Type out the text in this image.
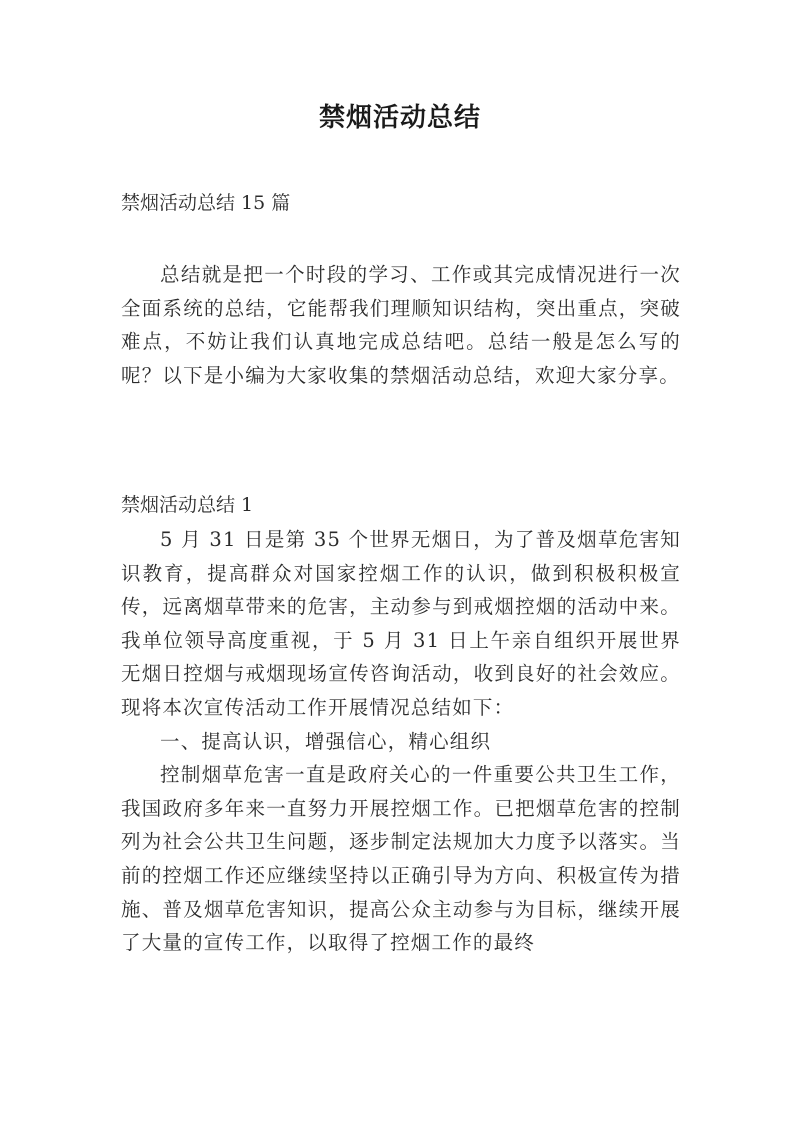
禁烟活动总结
禁烟活动总结 15 篇

总结就是把一个时段的学习、工作或其完成情况进行一次全面系统的总结，它能帮我们理顺知识结构，突出重点，突破难点，不妨让我们认真地完成总结吧。总结一般是怎么写的呢？以下是小编为大家收集的禁烟活动总结，欢迎大家分享。

禁烟活动总结 1

5 月 31 日是第 35 个世界无烟日，为了普及烟草危害知识教育，提高群众对国家控烟工作的认识，做到积极积极宣传，远离烟草带来的危害，主动参与到戒烟控烟的活动中来。我单位领导高度重视，于 5 月 31 日上午亲自组织开展世界无烟日控烟与戒烟现场宣传咨询活动，收到良好的社会效应。现将本次宣传活动工作开展情况总结如下：

一、提高认识，增强信心，精心组织

控制烟草危害一直是政府关心的一件重要公共卫生工作，我国政府多年来一直努力开展控烟工作。已把烟草危害的控制列为社会公共卫生问题，逐步制定法规加大力度予以落实。当前的控烟工作还应继续坚持以正确引导为方向、积极宣传为措施、普及烟草危害知识，提高公众主动参与为目标，继续开展了大量的宣传工作，以取得了控烟工作的最终
